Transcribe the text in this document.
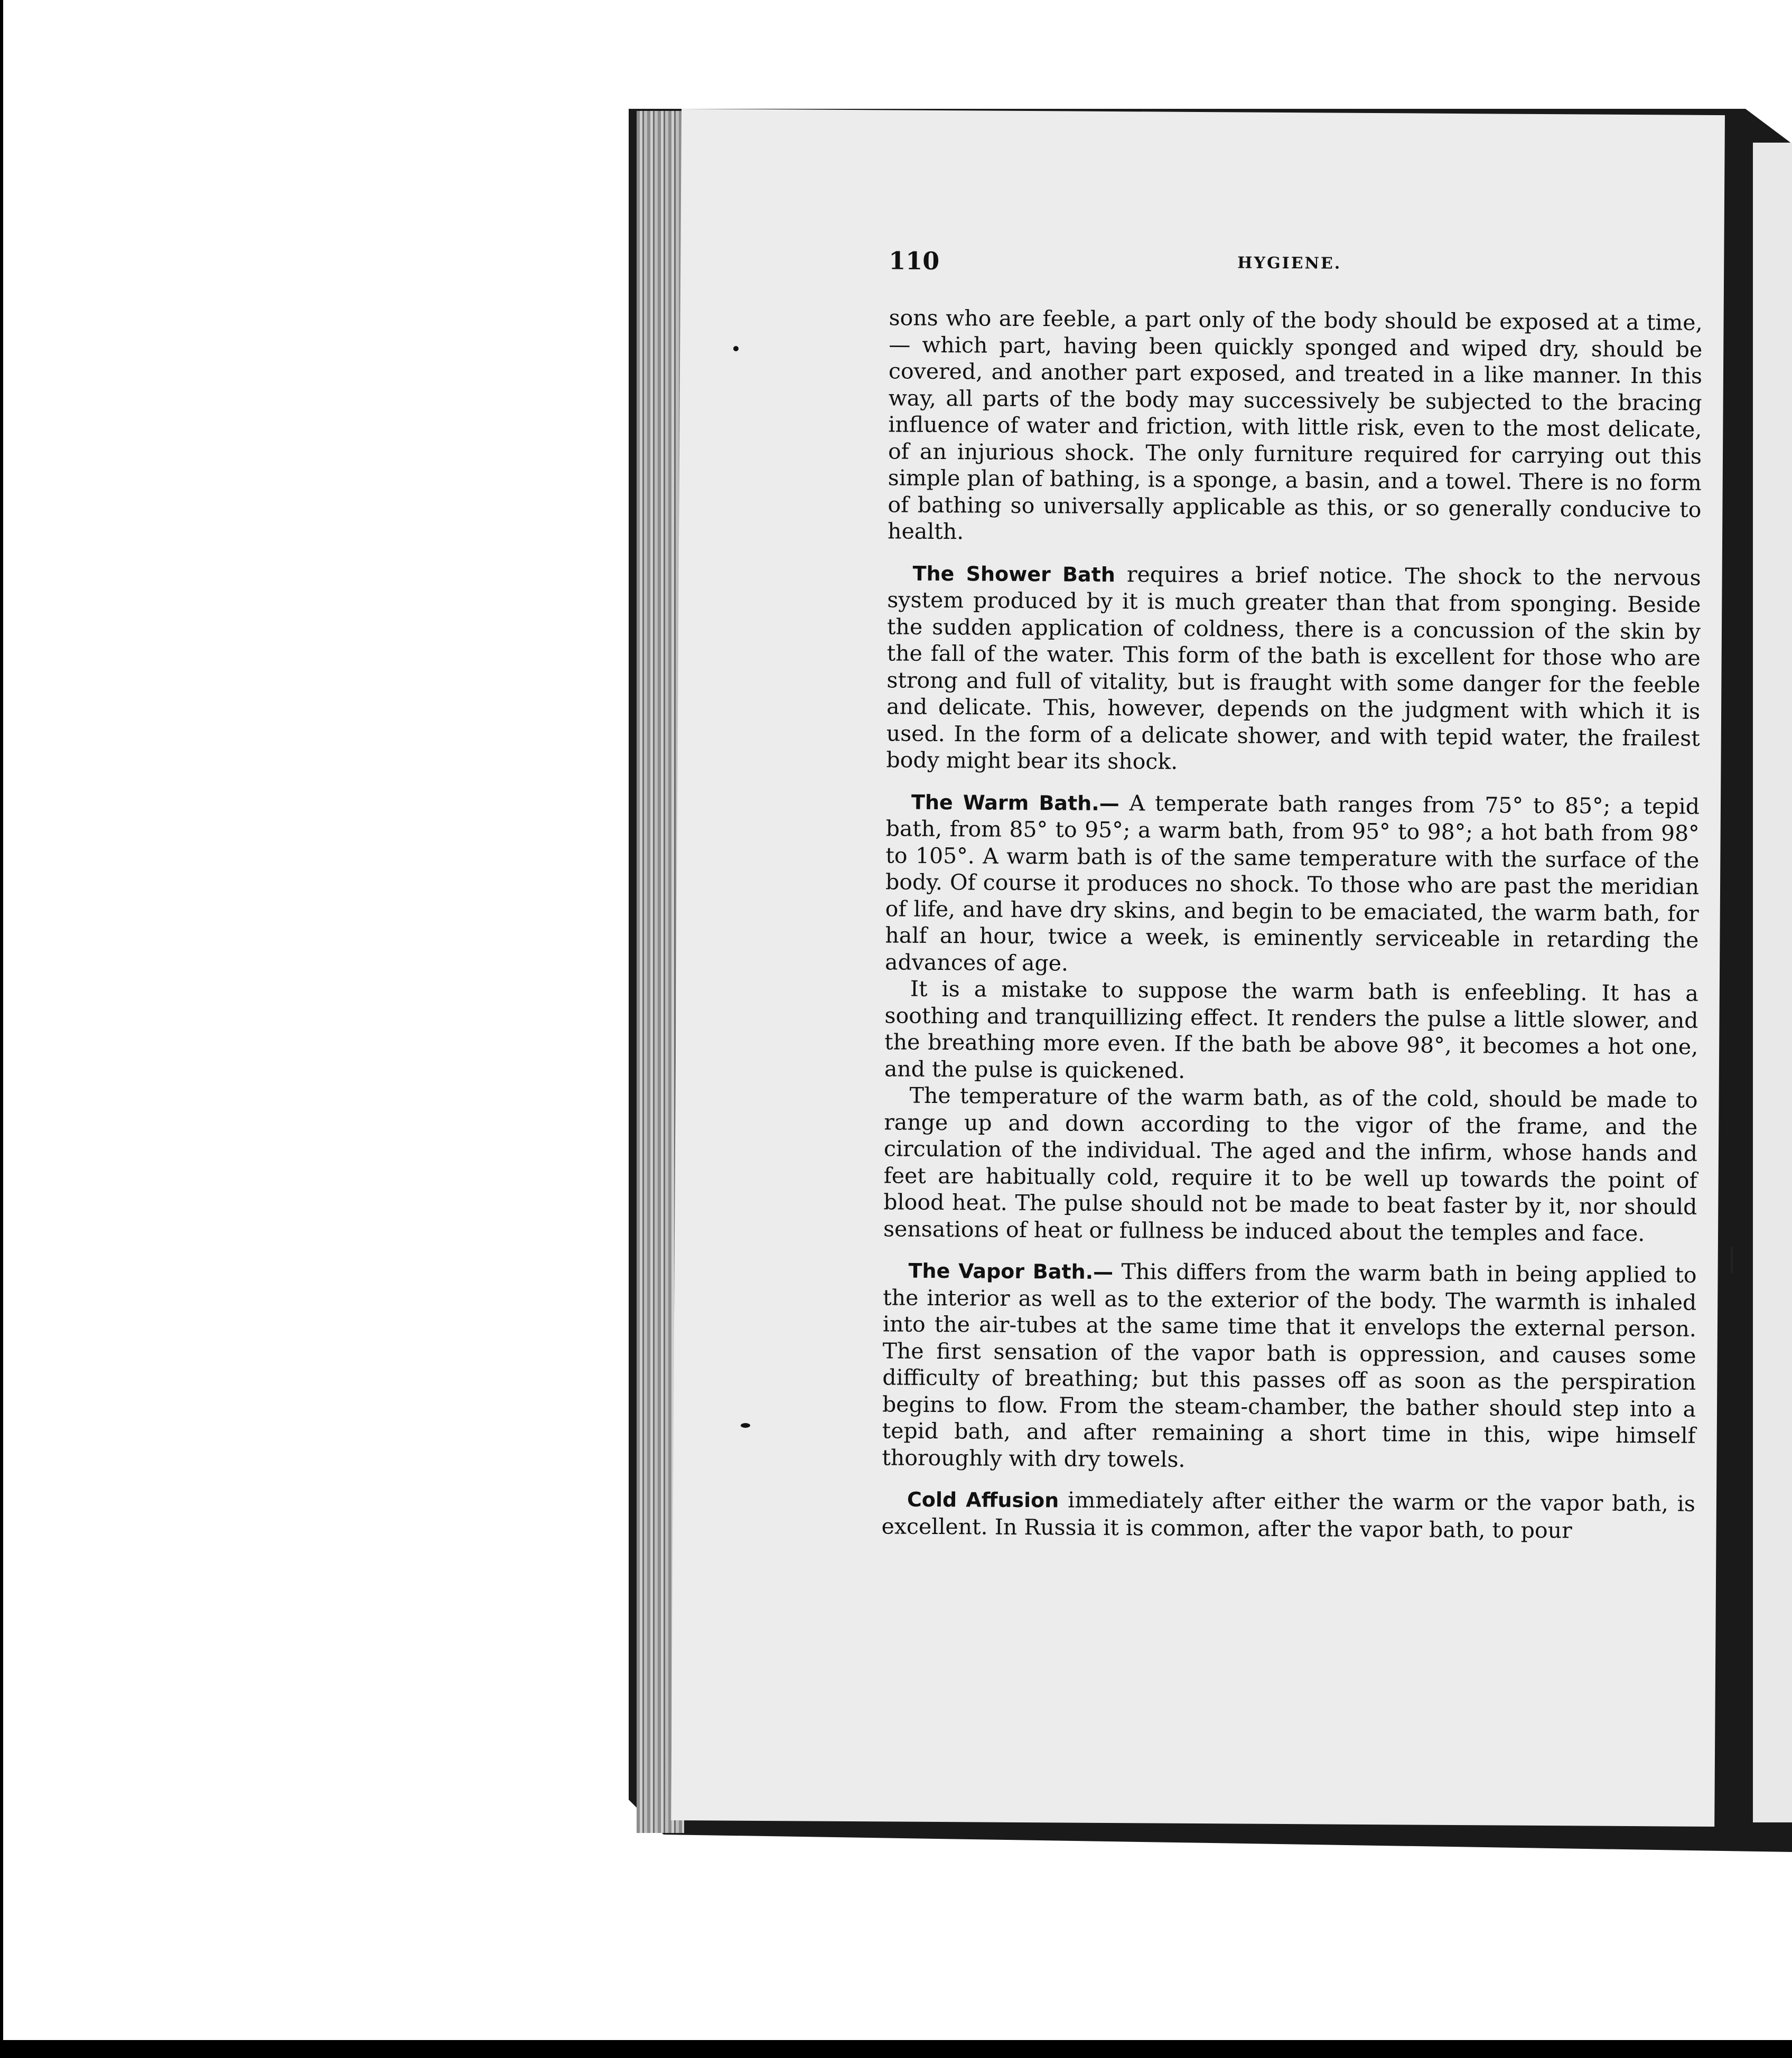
110	HYGIENE.

sons who are feeble, a part only of the body should be exposed at a time, — which part, having been quickly sponged and wiped dry, should be covered, and another part exposed, and treated in a like manner. In this way, all parts of the body may successively be subjected to the bracing influence of water and friction, with little risk, even to the most delicate, of an injurious shock. The only furniture required for carrying out this simple plan of bathing, is a sponge, a basin, and a towel. There is no form of bathing so universally applicable as this, or so generally conducive to health.

The Shower Bath requires a brief notice. The shock to the nervous system produced by it is much greater than that from sponging. Beside the sudden application of coldness, there is a concussion of the skin by the fall of the water. This form of the bath is excellent for those who are strong and full of vitality, but is fraught with some danger for the feeble and delicate. This, however, depends on the judgment with which it is used. In the form of a delicate shower, and with tepid water, the frailest body might bear its shock.

The Warm Bath.— A temperate bath ranges from 75° to 85°; a tepid bath, from 85° to 95°; a warm bath, from 95° to 98°; a hot bath from 98° to 105°. A warm bath is of the same temperature with the surface of the body. Of course it produces no shock. To those who are past the meridian of life, and have dry skins, and begin to be emaciated, the warm bath, for half an hour, twice a week, is eminently serviceable in retarding the advances of age.

It is a mistake to suppose the warm bath is enfeebling. It has a soothing and tranquillizing effect. It renders the pulse a little slower, and the breathing more even. If the bath be above 98°, it becomes a hot one, and the pulse is quickened.

The temperature of the warm bath, as of the cold, should be made to range up and down according to the vigor of the frame, and the circulation of the individual. The aged and the infirm, whose hands and feet are habitually cold, require it to be well up towards the point of blood heat. The pulse should not be made to beat faster by it, nor should sensations of heat or fullness be induced about the temples and face.

The Vapor Bath.— This differs from the warm bath in being applied to the interior as well as to the exterior of the body. The warmth is inhaled into the air-tubes at the same time that it envelops the external person. The first sensation of the vapor bath is oppression, and causes some difficulty of breathing; but this passes off as soon as the perspiration begins to flow. From the steam-chamber, the bather should step into a tepid bath, and after remaining a short time in this, wipe himself thoroughly with dry towels.

Cold Affusion immediately after either the warm or the vapor bath, is excellent. In Russia it is common, after the vapor bath, to pour
